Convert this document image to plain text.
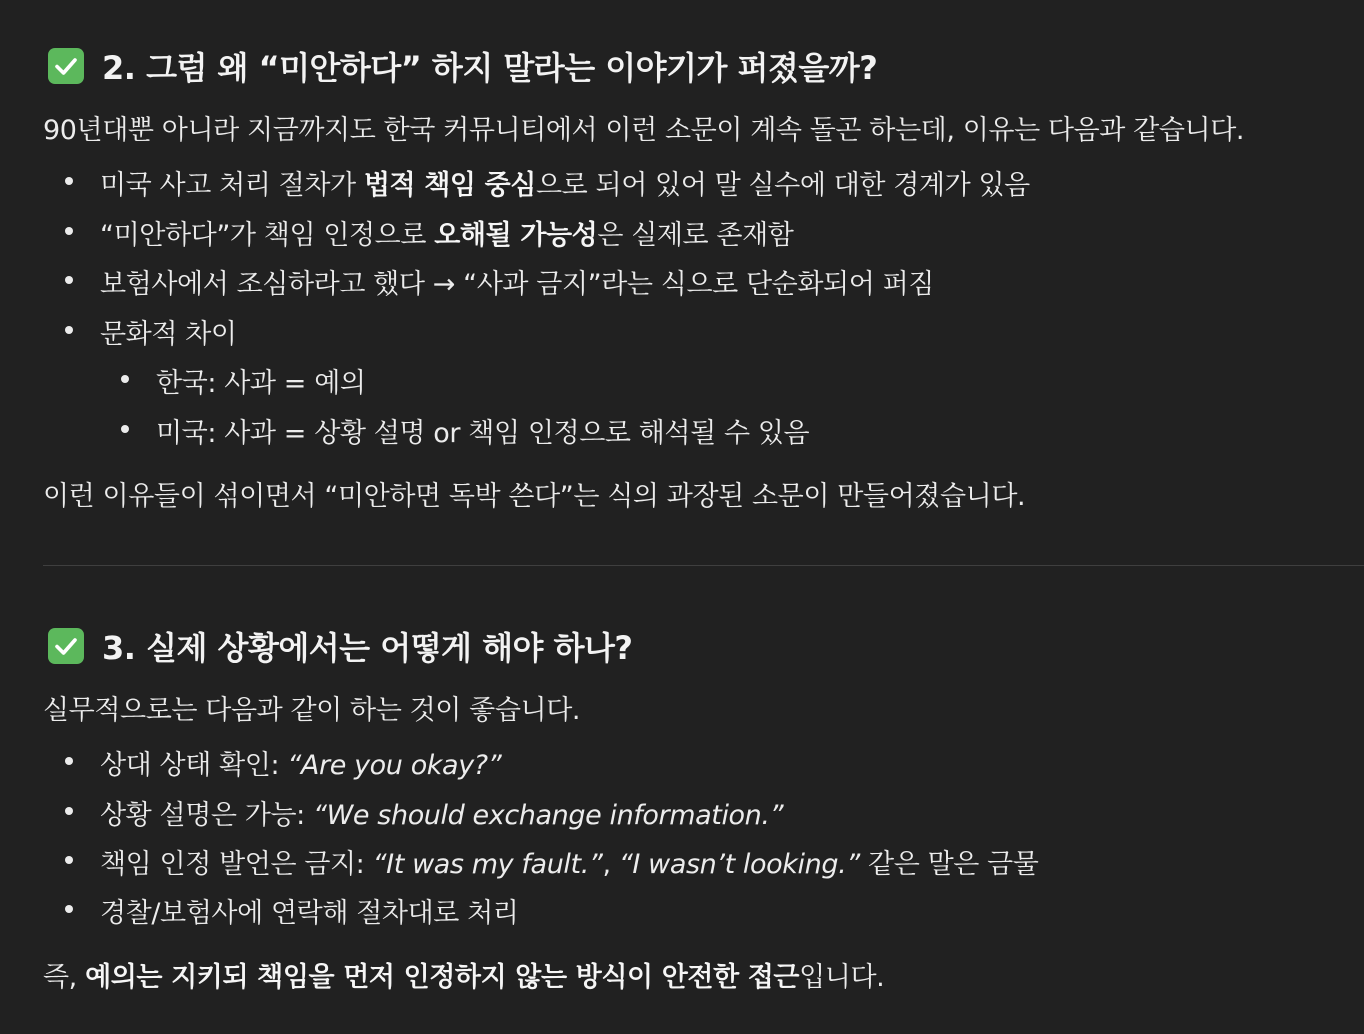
2. 그럼 왜 “미안하다” 하지 말라는 이야기가 퍼졌을까?
90년대뿐 아니라 지금까지도 한국 커뮤니티에서 이런 소문이 계속 돌곤 하는데, 이유는 다음과 같습니다.
미국 사고 처리 절차가 법적 책임 중심으로 되어 있어 말 실수에 대한 경계가 있음
“미안하다”가 책임 인정으로 오해될 가능성은 실제로 존재함
보험사에서 조심하라고 했다 → “사과 금지”라는 식으로 단순화되어 퍼짐
문화적 차이
한국: 사과 = 예의
미국: 사과 = 상황 설명 or 책임 인정으로 해석될 수 있음
이런 이유들이 섞이면서 “미안하면 독박 쓴다”는 식의 과장된 소문이 만들어졌습니다.
3. 실제 상황에서는 어떻게 해야 하나?
실무적으로는 다음과 같이 하는 것이 좋습니다.
상대 상태 확인: “Are you okay?”
상황 설명은 가능: “We should exchange information.”
책임 인정 발언은 금지: “It was my fault.”, “I wasn’t looking.” 같은 말은 금물
경찰/보험사에 연락해 절차대로 처리
즉, 예의는 지키되 책임을 먼저 인정하지 않는 방식이 안전한 접근입니다.
